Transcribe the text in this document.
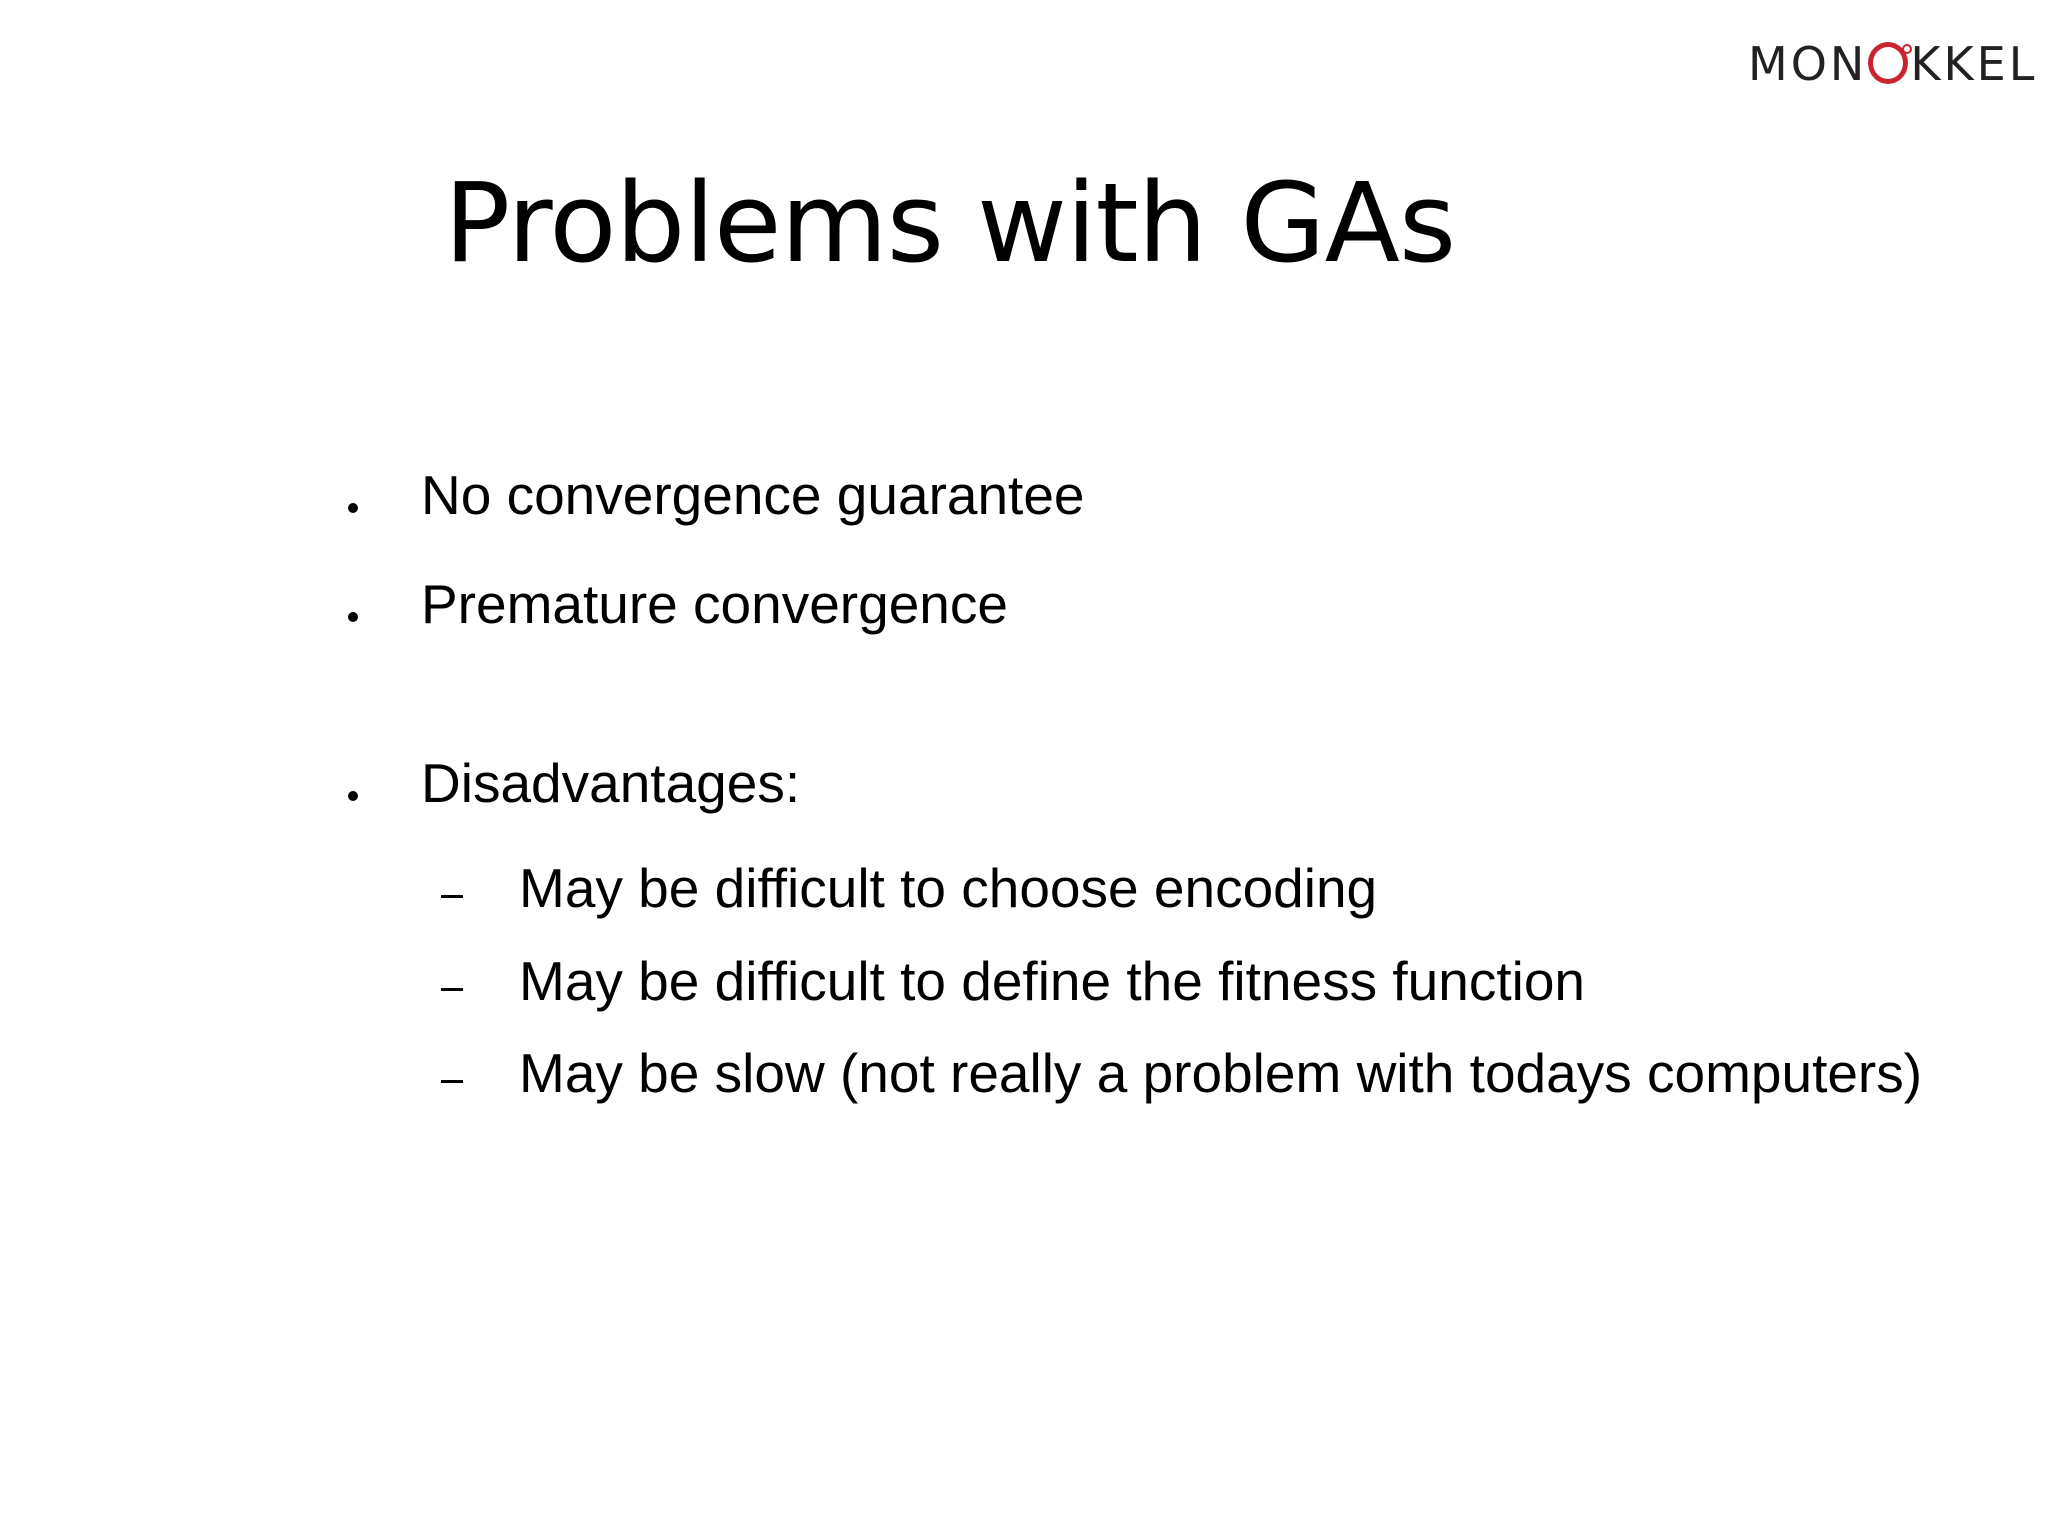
MON KKEL
Problems with GAs
No convergence guarantee
Premature convergence
Disadvantages:
May be difficult to choose encoding
May be difficult to define the fitness function
May be slow (not really a problem with todays computers)
